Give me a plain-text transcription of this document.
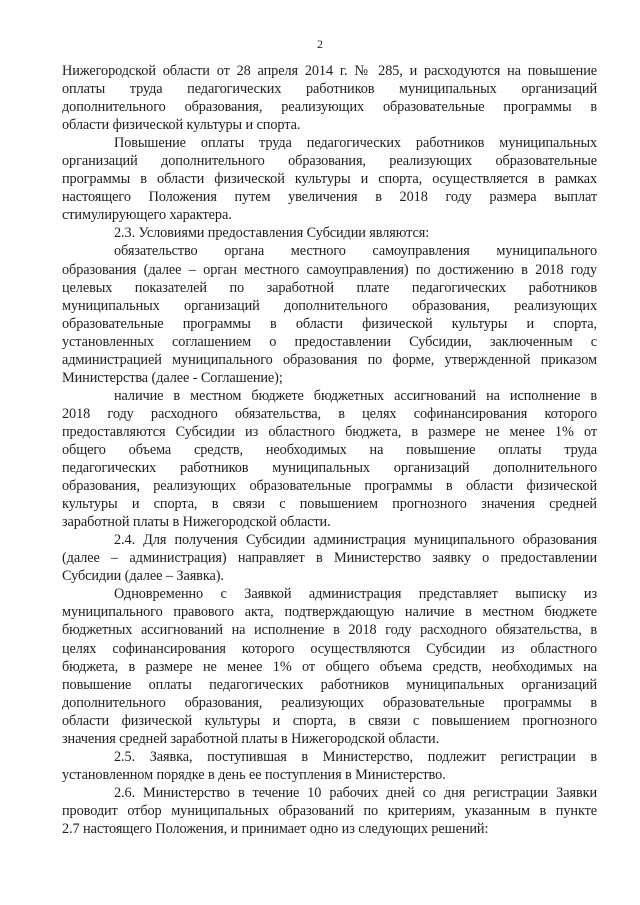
2
Нижегородской области от 28 апреля 2014 г. № 285, и расходуются на повышение
оплаты труда педагогических работников муниципальных организаций
дополнительного образования, реализующих образовательные программы в
области физической культуры и спорта.
Повышение оплаты труда педагогических работников муниципальных
организаций дополнительного образования, реализующих образовательные
программы в области физической культуры и спорта, осуществляется в рамках
настоящего Положения путем увеличения в 2018 году размера выплат
стимулирующего характера.
2.3. Условиями предоставления Субсидии являются:
обязательство органа местного самоуправления муниципального
образования (далее – орган местного самоуправления) по достижению в 2018 году
целевых показателей по заработной плате педагогических работников
муниципальных организаций дополнительного образования, реализующих
образовательные программы в области физической культуры и спорта,
установленных соглашением о предоставлении Субсидии, заключенным с
администрацией муниципального образования по форме, утвержденной приказом
Министерства (далее - Соглашение);
наличие в местном бюджете бюджетных ассигнований на исполнение в
2018 году расходного обязательства, в целях софинансирования которого
предоставляются Субсидии из областного бюджета, в размере не менее 1% от
общего объема средств, необходимых на повышение оплаты труда
педагогических работников муниципальных организаций дополнительного
образования, реализующих образовательные программы в области физической
культуры и спорта, в связи с повышением прогнозного значения средней
заработной платы в Нижегородской области.
2.4. Для получения Субсидии администрация муниципального образования
(далее – администрация) направляет в Министерство заявку о предоставлении
Субсидии (далее – Заявка).
Одновременно с Заявкой администрация представляет выписку из
муниципального правового акта, подтверждающую наличие в местном бюджете
бюджетных ассигнований на исполнение в 2018 году расходного обязательства, в
целях софинансирования которого осуществляются Субсидии из областного
бюджета, в размере не менее 1% от общего объема средств, необходимых на
повышение оплаты педагогических работников муниципальных организаций
дополнительного образования, реализующих образовательные программы в
области физической культуры и спорта, в связи с повышением прогнозного
значения средней заработной платы в Нижегородской области.
2.5. Заявка, поступившая в Министерство, подлежит регистрации в
установленном порядке в день ее поступления в Министерство.
2.6. Министерство в течение 10 рабочих дней со дня регистрации Заявки
проводит отбор муниципальных образований по критериям, указанным в пункте
2.7 настоящего Положения, и принимает одно из следующих решений:
